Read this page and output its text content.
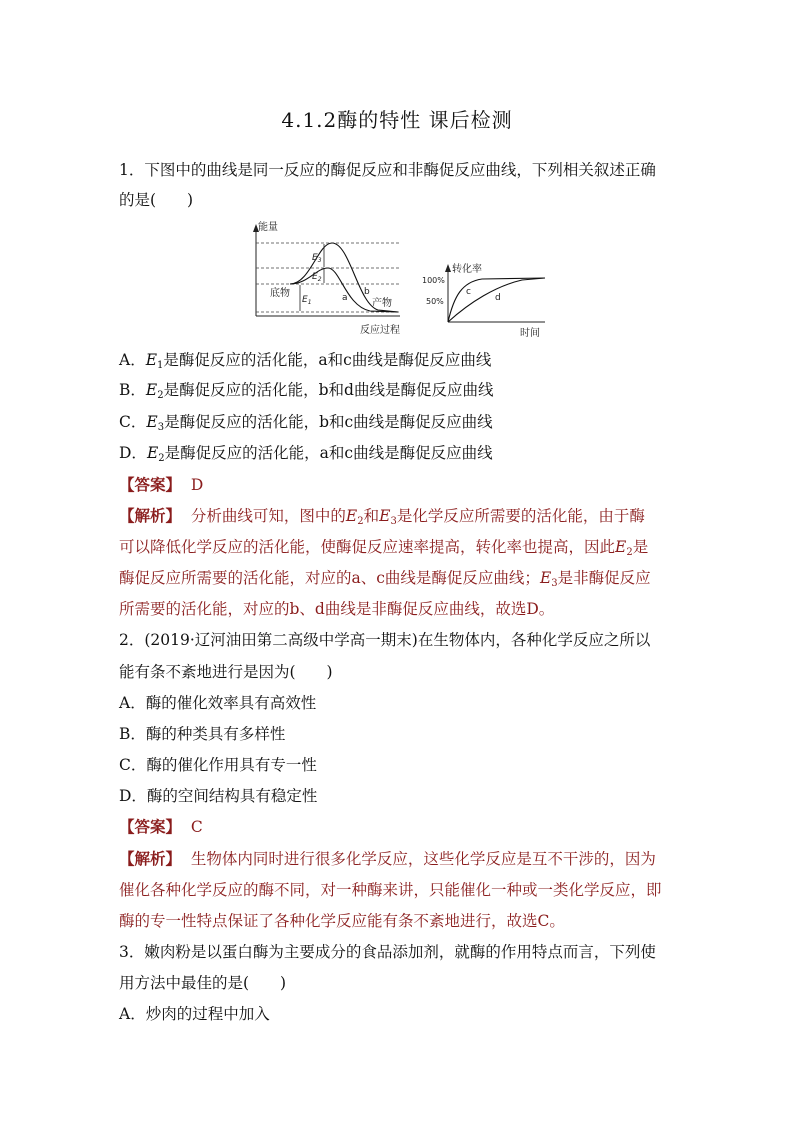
4.1.2酶的特性 课后检测
1．下图中的曲线是同一反应的酶促反应和非酶促反应曲线，下列相关叙述正确
的是(　　)
能量
反应过程
$E_3$
$E_2$
$E_1$
底物
产物
a
b
转化率
时间
100%
50%
c
d
A．$E_1$是酶促反应的活化能，a和c曲线是酶促反应曲线
B．$E_2$是酶促反应的活化能，b和d曲线是酶促反应曲线
C．$E_3$是酶促反应的活化能，b和c曲线是酶促反应曲线
D．$E_2$是酶促反应的活化能，a和c曲线是酶促反应曲线
【答案】 D
【解析】 分析曲线可知，图中的$E_2$和$E_3$是化学反应所需要的活化能，由于酶
可以降低化学反应的活化能，使酶促反应速率提高，转化率也提高，因此$E_2$是
酶促反应所需要的活化能，对应的a、c曲线是酶促反应曲线；$E_3$是非酶促反应
所需要的活化能，对应的b、d曲线是非酶促反应曲线，故选D。
2．(2019·辽河油田第二高级中学高一期末)在生物体内，各种化学反应之所以
能有条不紊地进行是因为(　　)
A．酶的催化效率具有高效性
B．酶的种类具有多样性
C．酶的催化作用具有专一性
D．酶的空间结构具有稳定性
【答案】 C
【解析】 生物体内同时进行很多化学反应，这些化学反应是互不干涉的，因为
催化各种化学反应的酶不同，对一种酶来讲，只能催化一种或一类化学反应，即
酶的专一性特点保证了各种化学反应能有条不紊地进行，故选C。
3．嫩肉粉是以蛋白酶为主要成分的食品添加剂，就酶的作用特点而言，下列使
用方法中最佳的是(　　)
A．炒肉的过程中加入
